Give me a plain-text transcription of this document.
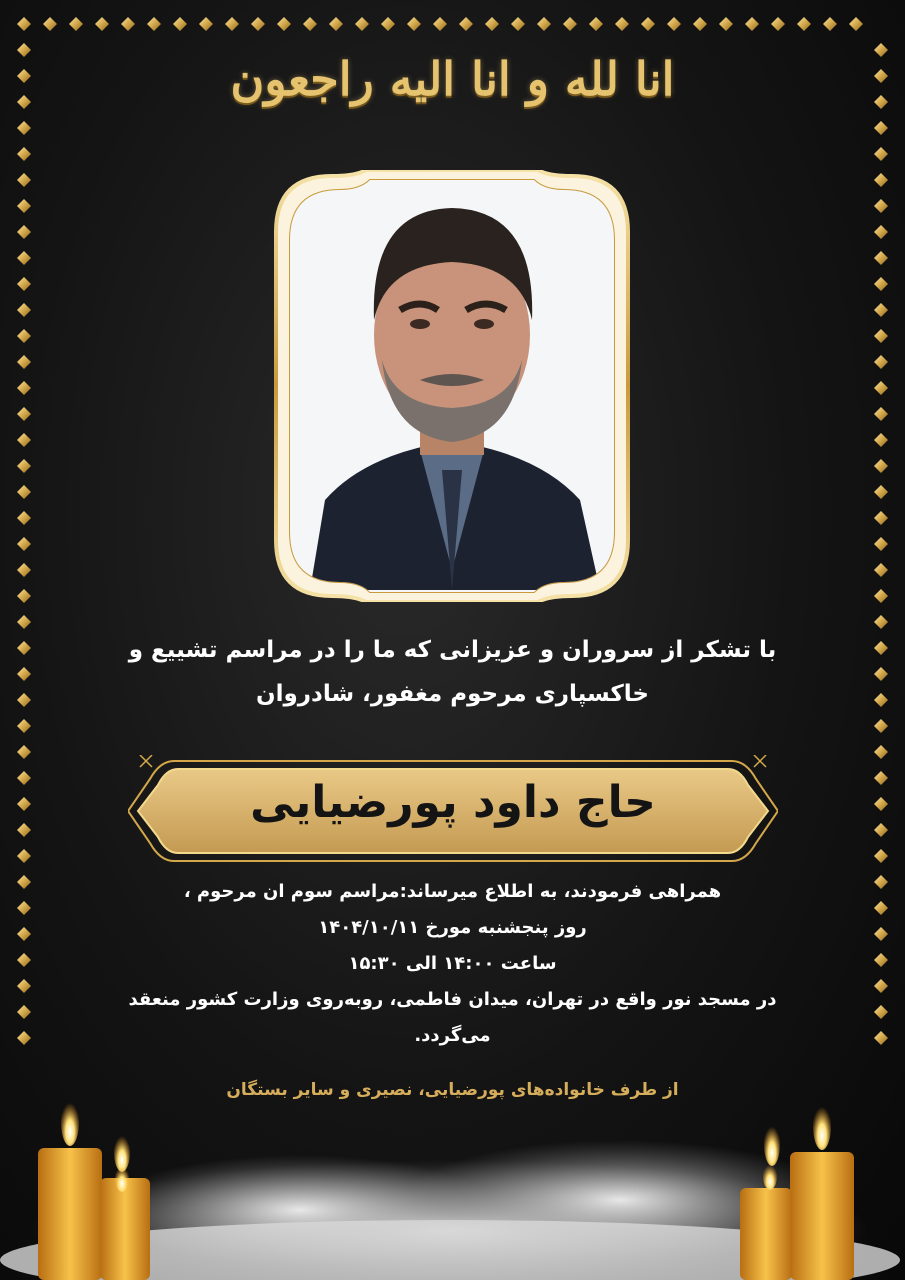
انا لله و انا الیه راجعون
با تشکر از سروران و عزیزانی که ما را در مراسم تشییع و
خاکسپاری مرحوم مغفور، شادروان
حاج داود پورضیایی
همراهی فرمودند، به اطلاع میرساند:مراسم سوم ان مرحوم ،
روز پنجشنبه مورخ ۱۴۰۴/۱۰/۱۱
ساعت ۱۴:۰۰ الی ۱۵:۳۰
در مسجد نور واقع در تهران، میدان فاطمی، روبه‌روی وزارت کشور منعقد
می‌گردد.
از طرف خانواده‌های پورضیایی، نصیری و سایر بستگان
